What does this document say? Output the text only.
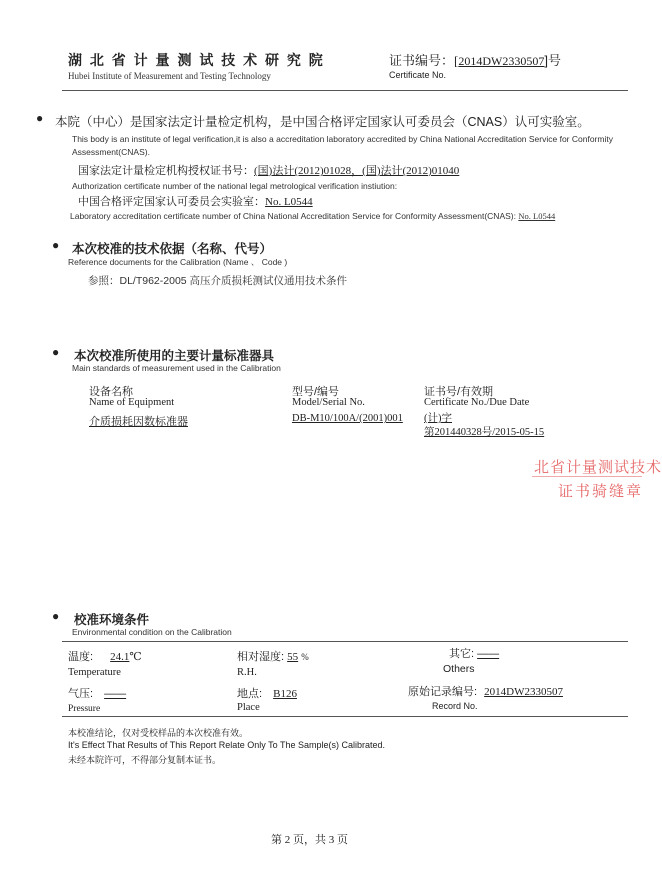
湖 北 省 计 量 测 试 技 术 研 究 院
Hubei Institute of Measurement and Testing Technology
证书编号：[2014DW2330507]号
Certificate No.
● 本院（中心）是国家法定计量检定机构，是中国合格评定国家认可委员会（CNAS）认可实验室。
This body is an institute of legal verification,it is also a accreditation laboratory accredited by China National Accreditation Service for Conformity
Assessment(CNAS).
国家法定计量检定机构授权证书号：(国)法计(2012)01028，(国)法计(2012)01040
Authorization certificate number of the national legal metrological verification instiution:
中国合格评定国家认可委员会实验室：No. L0544
Laboratory accreditation certificate number of China National Accreditation Service for Conformity Assessment(CNAS): No. L0544
● 本次校准的技术依据（名称、代号）
Reference documents for the Calibration (Name 、 Code )
参照：DL/T962-2005 高压介质损耗测试仪通用技术条件
● 本次校准所使用的主要计量标准器具
Main standards of measurement used in the Calibration
设备名称
Name of Equipment
型号/编号
Model/Serial No.
证书号/有效期
Certificate No./Due Date
介质损耗因数标准器	DB-M10/100A/(2001)001 (计)字
第201440328号/2015-05-15
北省计量测试技术
证书骑缝章
● 校准环境条件
Environmental condition on the Calibration
温度: 24.1℃
Temperature
相对湿度: 55 %
R.H.
其它: ——
Others
气压: ——
Pressure
地点: B126
Place
原始记录编号: 2014DW2330507
Record No.
本校准结论，仅对受校样品的本次校准有效。
It's Effect That Results of This Report Relate Only To The Sample(s) Calibrated.
未经本院许可，不得部分复制本证书。
第 2 页，共 3 页
